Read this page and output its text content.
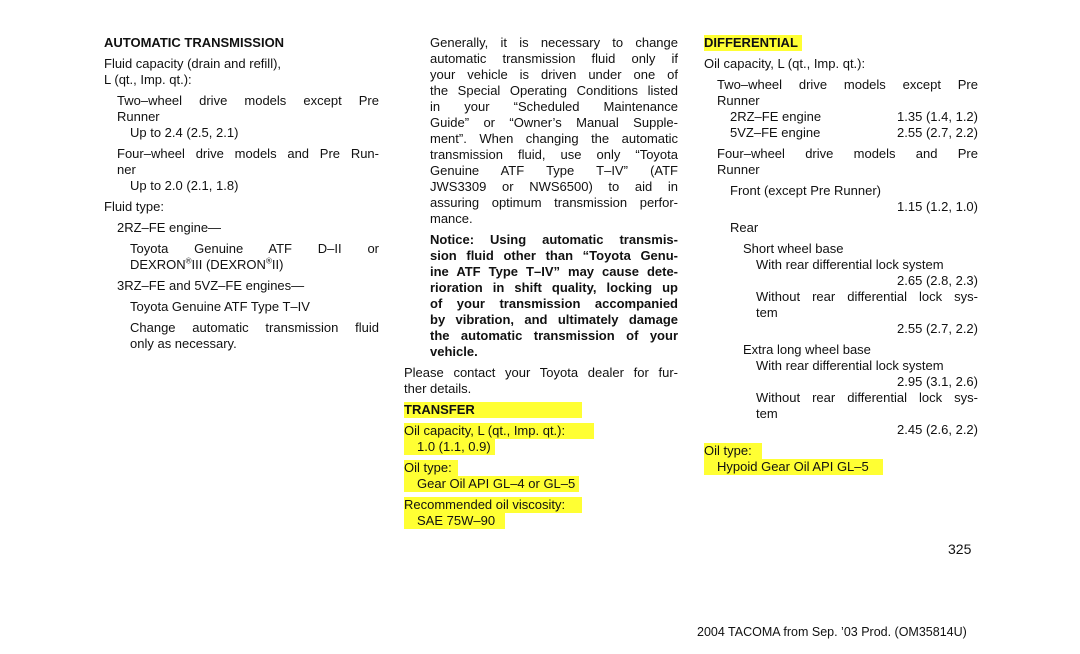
AUTOMATIC TRANSMISSION

Fluid capacity (drain and refill),

L (qt., Imp. qt.):

Two–wheel drive models except Pre

Runner

Up to 2.4 (2.5, 2.1)

Four–wheel drive models and Pre Run-

ner

Up to 2.0 (2.1, 1.8)

Fluid type:

2RZ–FE engine—

Toyota Genuine ATF D–II or

DEXRON®III (DEXRON®II)

3RZ–FE and 5VZ–FE engines—

Toyota Genuine ATF Type T–IV

Change automatic transmission fluid

only as necessary.

Generally, it is necessary to change

automatic transmission fluid only if

your vehicle is driven under one of

the Special Operating Conditions listed

in your “Scheduled Maintenance

Guide” or “Owner’s Manual Supple-

ment”. When changing the automatic

transmission fluid, use only “Toyota

Genuine ATF Type T–IV” (ATF

JWS3309 or NWS6500) to aid in

assuring optimum transmission perfor-

mance.

Notice: Using automatic transmis-

sion fluid other than “Toyota Genu-

ine ATF Type T–IV” may cause dete-

rioration in shift quality, locking up

of your transmission accompanied

by vibration, and ultimately damage

the automatic transmission of your

vehicle.

Please contact your Toyota dealer for fur-

ther details.

TRANSFER

Oil capacity, L (qt., Imp. qt.):

1.0 (1.1, 0.9)

Oil type:

Gear Oil API GL–4 or GL–5

Recommended oil viscosity:

SAE 75W–90

DIFFERENTIAL

Oil capacity, L (qt., Imp. qt.):

Two–wheel drive models except Pre

Runner

2RZ–FE engine	1.35 (1.4, 1.2)
5VZ–FE engine	2.55 (2.7, 2.2)

Four–wheel drive models and Pre

Runner

Front (except Pre Runner)

1.15 (1.2, 1.0)

Rear

Short wheel base

With rear differential lock system

2.65 (2.8, 2.3)

Without rear differential lock sys-

tem

2.55 (2.7, 2.2)

Extra long wheel base

With rear differential lock system

2.95 (3.1, 2.6)

Without rear differential lock sys-

tem

2.45 (2.6, 2.2)

Oil type:

Hypoid Gear Oil API GL–5

325
2004 TACOMA from Sep. ’03 Prod. (OM35814U)
